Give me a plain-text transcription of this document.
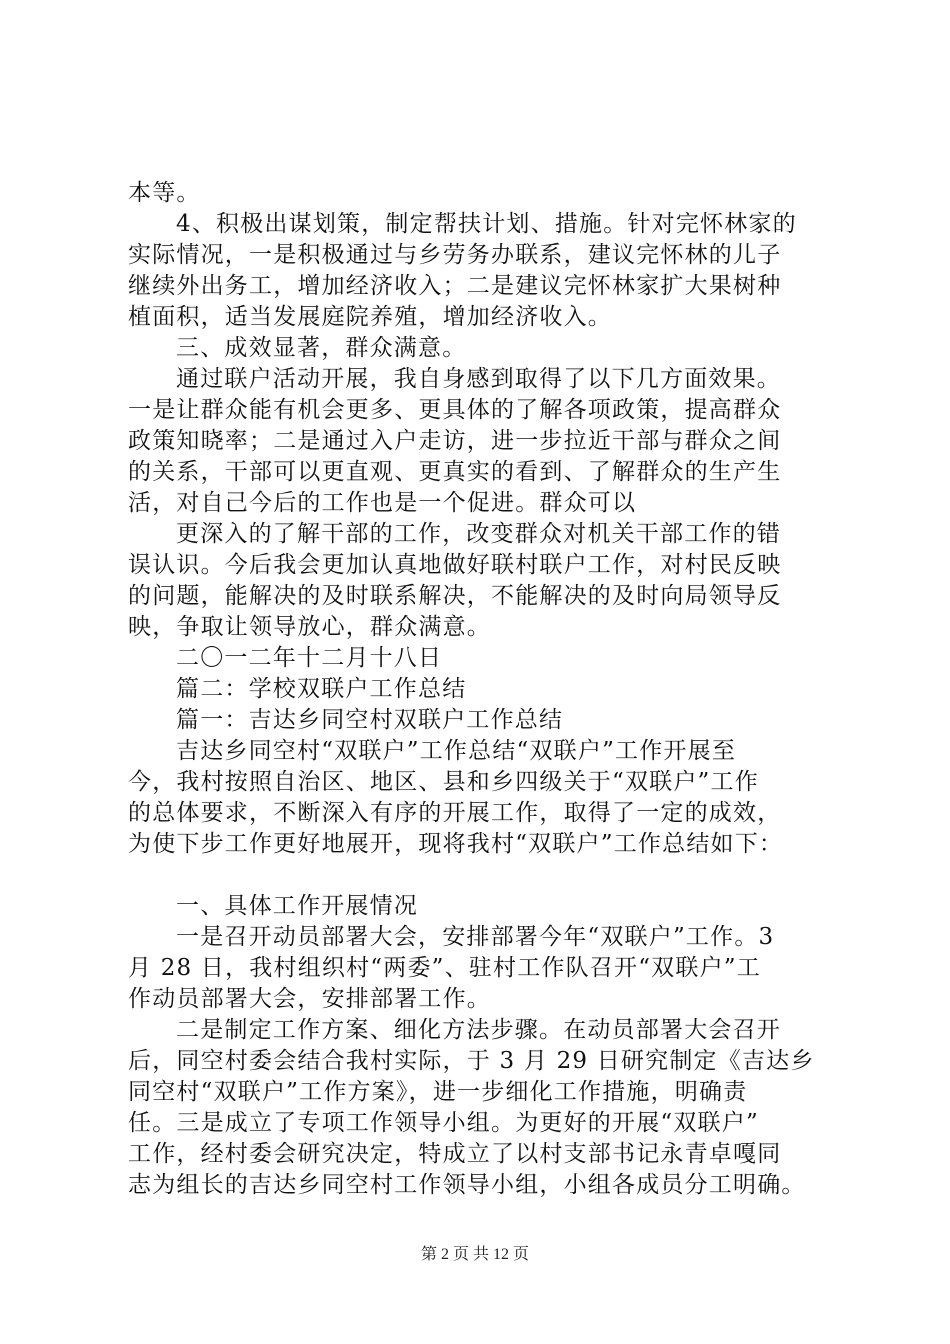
本等。
4、积极出谋划策，制定帮扶计划、措施。针对完怀林家的
实际情况，一是积极通过与乡劳务办联系，建议完怀林的儿子
继续外出务工，增加经济收入；二是建议完怀林家扩大果树种
植面积，适当发展庭院养殖，增加经济收入。
三、成效显著，群众满意。
通过联户活动开展，我自身感到取得了以下几方面效果。
一是让群众能有机会更多、更具体的了解各项政策，提高群众
政策知晓率；二是通过入户走访，进一步拉近干部与群众之间
的关系，干部可以更直观、更真实的看到、了解群众的生产生
活，对自己今后的工作也是一个促进。群众可以
更深入的了解干部的工作，改变群众对机关干部工作的错
误认识。今后我会更加认真地做好联村联户工作，对村民反映
的问题，能解决的及时联系解决，不能解决的及时向局领导反
映，争取让领导放心，群众满意。
二〇一二年十二月十八日
篇二：学校双联户工作总结
篇一：吉达乡同空村双联户工作总结
吉达乡同空村“双联户”工作总结“双联户”工作开展至
今，我村按照自治区、地区、县和乡四级关于“双联户”工作
的总体要求，不断深入有序的开展工作，取得了一定的成效，
为使下步工作更好地展开，现将我村“双联户”工作总结如下：
一、具体工作开展情况
一是召开动员部署大会，安排部署今年“双联户”工作。3
月 28 日，我村组织村“两委”、驻村工作队召开“双联户”工
作动员部署大会，安排部署工作。
二是制定工作方案、细化方法步骤。在动员部署大会召开
后，同空村委会结合我村实际，于 3 月 29 日研究制定《吉达乡
同空村“双联户”工作方案》，进一步细化工作措施，明确责
任。三是成立了专项工作领导小组。为更好的开展“双联户”
工作，经村委会研究决定，特成立了以村支部书记永青卓嘎同
志为组长的吉达乡同空村工作领导小组，小组各成员分工明确。
第 2 页 共 12 页
